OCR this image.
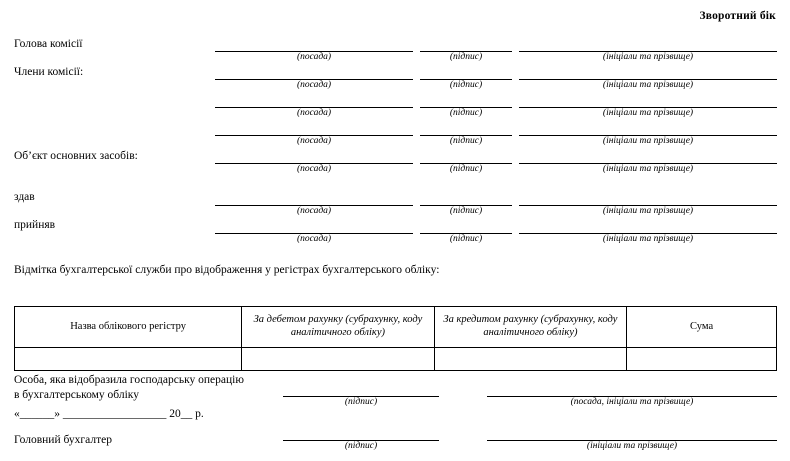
Зворотний бік
Голова комісії
(посада)	(підпис)	(ініціали та прізвище)
Члени комісії:
(посада)	(підпис)	(ініціали та прізвище)
(посада)	(підпис)	(ініціали та прізвище)
(посада)	(підпис)	(ініціали та прізвище)
Об’єкт основних засобів:
(посада)	(підпис)	(ініціали та прізвище)
здав
(посада)	(підпис)	(ініціали та прізвище)
прийняв
(посада)	(підпис)	(ініціали та прізвище)
Відмітка бухгалтерської служби про відображення у регістрах бухгалтерського обліку:
Назва облікового регістру	За дебетом рахунку (субрахунку, коду аналітичного обліку)	За кредитом рахунку (субрахунку, коду аналітичного обліку)	Сума

Особа, яка відобразила господарську операцію
в бухгалтерському обліку
«______» __________________ 20__ р.
(підпис)	(посада, ініціали та прізвище)
Головний бухгалтер	(підпис)	(ініціали та прізвище)
